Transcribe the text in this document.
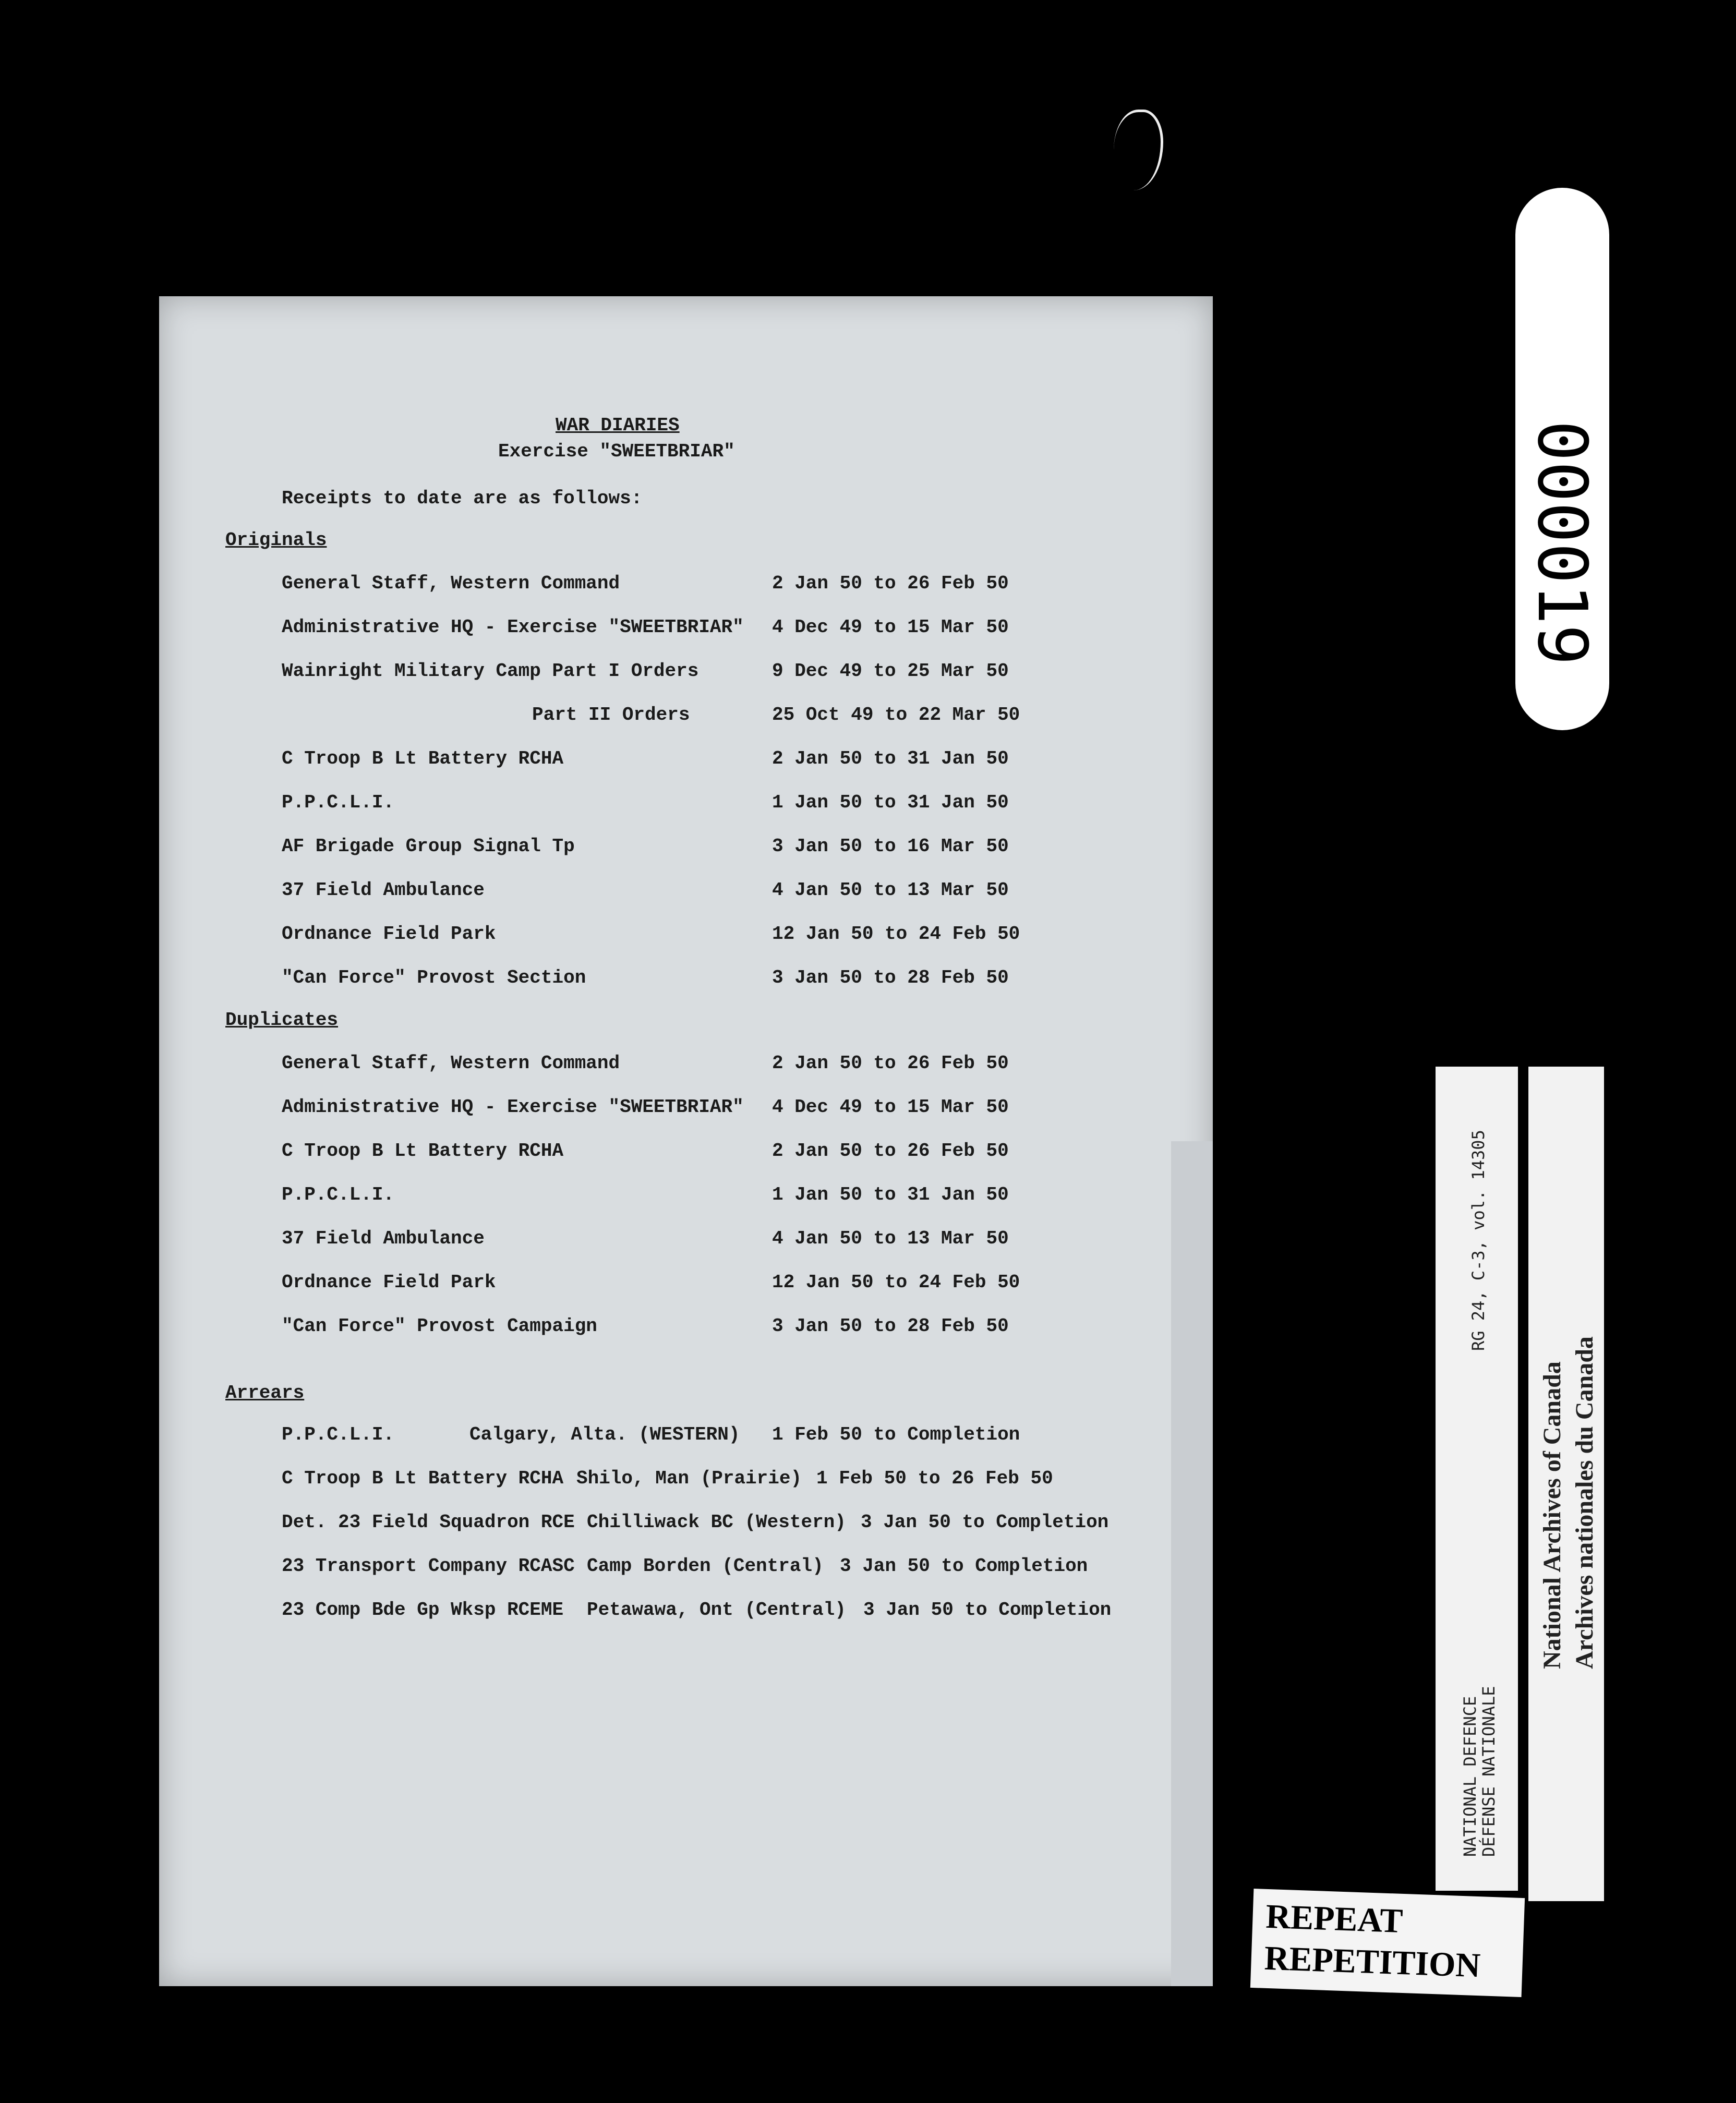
WAR DIARIES
Exercise "SWEETBRIAR"
Receipts to date are as follows:
Originals
General Staff, Western Command	2 Jan 50 to 26 Feb 50
Administrative HQ - Exercise "SWEETBRIAR" 4 Dec 49 to 15 Mar 50
Wainright Military Camp Part I Orders	9 Dec 49 to 25 Mar 50
Part II Orders	25 Oct 49 to 22 Mar 50
C Troop B Lt Battery RCHA	2 Jan 50 to 31 Jan 50
P.P.C.L.I.	1 Jan 50 to 31 Jan 50
AF Brigade Group Signal Tp	3 Jan 50 to 16 Mar 50
37 Field Ambulance	4 Jan 50 to 13 Mar 50
Ordnance Field Park	12 Jan 50 to 24 Feb 50
"Can Force" Provost Section	3 Jan 50 to 28 Feb 50
Duplicates
General Staff, Western Command	2 Jan 50 to 26 Feb 50
Administrative HQ - Exercise "SWEETBRIAR" 4 Dec 49 to 15 Mar 50
C Troop B Lt Battery RCHA	2 Jan 50 to 26 Feb 50
P.P.C.L.I.	1 Jan 50 to 31 Jan 50
37 Field Ambulance	4 Jan 50 to 13 Mar 50
Ordnance Field Park	12 Jan 50 to 24 Feb 50
"Can Force" Provost Campaign	3 Jan 50 to 28 Feb 50
Arrears
P.P.C.L.I.	Calgary, Alta. (WESTERN) 1 Feb 50 to Completion
C Troop B Lt Battery RCHA Shilo, Man (Prairie) 1 Feb 50 to 26 Feb 50
Det. 23 Field Squadron RCE Chilliwack BC (Western) 3 Jan 50 to Completion
23 Transport Company RCASC Camp Borden (Central) 3 Jan 50 to Completion
23 Comp Bde Gp Wksp RCEME Petawawa, Ont (Central) 3 Jan 50 to Completion
000019
RG 24, C-3, vol. 14305
NATIONAL DEFENCE
DÉFENSE NATIONALE
National Archives of Canada Archives nationales du Canada
REPEAT
REPETITION
